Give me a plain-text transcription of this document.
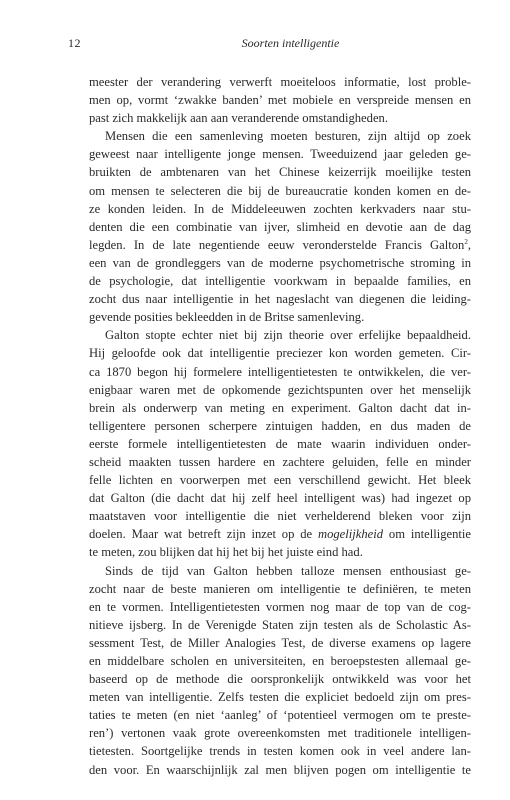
12	Soorten intelligentie
meester der verandering verwerft moeiteloos informatie, lost proble-
men op, vormt ‘zwakke banden’ met mobiele en verspreide mensen en
past zich makkelijk aan aan veranderende omstandigheden.
Mensen die een samenleving moeten besturen, zijn altijd op zoek
geweest naar intelligente jonge mensen. Tweeduizend jaar geleden ge-
bruikten de ambtenaren van het Chinese keizerrijk moeilijke testen
om mensen te selecteren die bij de bureaucratie konden komen en de-
ze konden leiden. In de Middeleeuwen zochten kerkvaders naar stu-
denten die een combinatie van ijver, slimheid en devotie aan de dag
legden. In de late negentiende eeuw veronderstelde Francis Galton$^2$,
een van de grondleggers van de moderne psychometrische stroming in
de psychologie, dat intelligentie voorkwam in bepaalde families, en
zocht dus naar intelligentie in het nageslacht van diegenen die leiding-
gevende posities bekleedden in de Britse samenleving.
Galton stopte echter niet bij zijn theorie over erfelijke bepaaldheid.
Hij geloofde ook dat intelligentie preciezer kon worden gemeten. Cir-
ca 1870 begon hij formelere intelligentietesten te ontwikkelen, die ver-
enigbaar waren met de opkomende gezichtspunten over het menselijk
brein als onderwerp van meting en experiment. Galton dacht dat in-
telligentere personen scherpere zintuigen hadden, en dus maden de
eerste formele intelligentietesten de mate waarin individuen onder-
scheid maakten tussen hardere en zachtere geluiden, felle en minder
felle lichten en voorwerpen met een verschillend gewicht. Het bleek
dat Galton (die dacht dat hij zelf heel intelligent was) had ingezet op
maatstaven voor intelligentie die niet verhelderend bleken voor zijn
doelen. Maar wat betreft zijn inzet op de mogelijkheid om intelligentie
te meten, zou blijken dat hij het bij het juiste eind had.
Sinds de tijd van Galton hebben talloze mensen enthousiast ge-
zocht naar de beste manieren om intelligentie te definiëren, te meten
en te vormen. Intelligentietesten vormen nog maar de top van de cog-
nitieve ijsberg. In de Verenigde Staten zijn testen als de Scholastic As-
sessment Test, de Miller Analogies Test, de diverse examens op lagere
en middelbare scholen en universiteiten, en beroepstesten allemaal ge-
baseerd op de methode die oorspronkelijk ontwikkeld was voor het
meten van intelligentie. Zelfs testen die expliciet bedoeld zijn om pres-
taties te meten (en niet ‘aanleg’ of ‘potentieel vermogen om te preste-
ren’) vertonen vaak grote overeenkomsten met traditionele intelligen-
tietesten. Soortgelijke trends in testen komen ook in veel andere lan-
den voor. En waarschijnlijk zal men blijven pogen om intelligentie te
